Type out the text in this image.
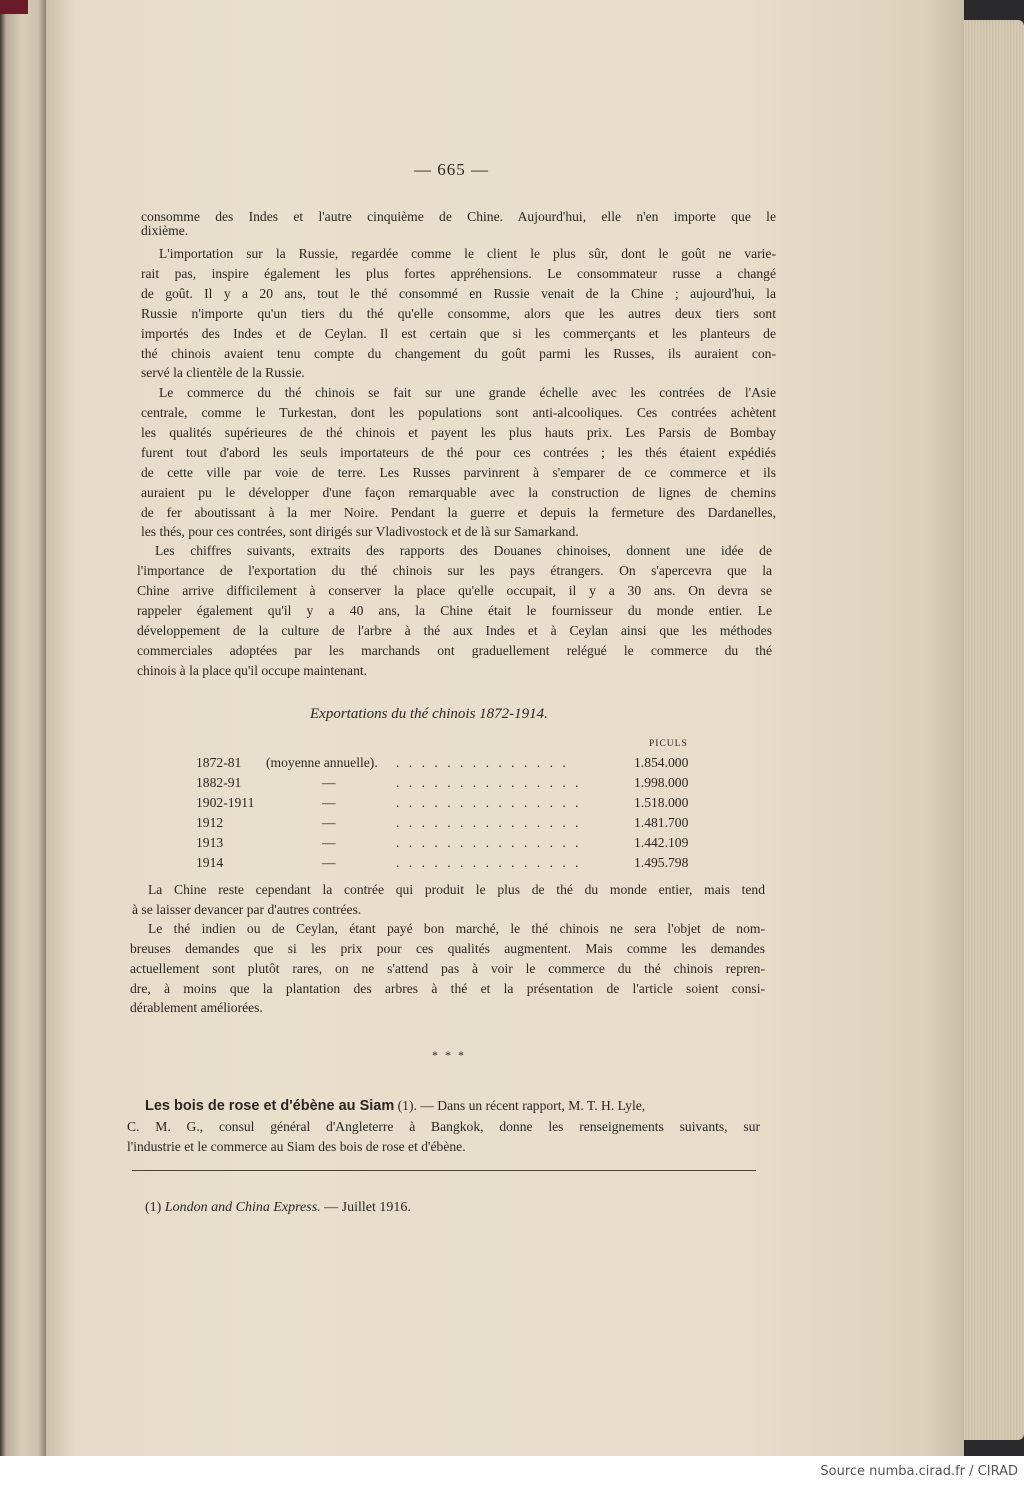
— 665 —
consomme des Indes et l'autre cinquième de Chine. Aujourd'hui, elle n'en importe que le
dixième.
L'importation sur la Russie, regardée comme le client le plus sûr, dont le goût ne varie-
rait pas, inspire également les plus fortes appréhensions. Le consommateur russe a changé
de goût. Il y a 20 ans, tout le thé consommé en Russie venait de la Chine ; aujourd'hui, la
Russie n'importe qu'un tiers du thé qu'elle consomme, alors que les autres deux tiers sont
importés des Indes et de Ceylan. Il est certain que si les commerçants et les planteurs de
thé chinois avaient tenu compte du changement du goût parmi les Russes, ils auraient con-
servé la clientèle de la Russie.
Le commerce du thé chinois se fait sur une grande échelle avec les contrées de l'Asie
centrale, comme le Turkestan, dont les populations sont anti-alcooliques. Ces contrées achètent
les qualités supérieures de thé chinois et payent les plus hauts prix. Les Parsis de Bombay
furent tout d'abord les seuls importateurs de thé pour ces contrées ; les thés étaient expédiés
de cette ville par voie de terre. Les Russes parvinrent à s'emparer de ce commerce et ils
auraient pu le développer d'une façon remarquable avec la construction de lignes de chemins
de fer aboutissant à la mer Noire. Pendant la guerre et depuis la fermeture des Dardanelles,
les thés, pour ces contrées, sont dirigés sur Vladivostock et de là sur Samarkand.
Les chiffres suivants, extraits des rapports des Douanes chinoises, donnent une idée de
l'importance de l'exportation du thé chinois sur les pays étrangers. On s'apercevra que la
Chine arrive difficilement à conserver la place qu'elle occupait, il y a 30 ans. On devra se
rappeler également qu'il y a 40 ans, la Chine était le fournisseur du monde entier. Le
développement de la culture de l'arbre à thé aux Indes et à Ceylan ainsi que les méthodes
commerciales adoptées par les marchands ont graduellement relégué le commerce du thé
chinois à la place qu'il occupe maintenant.
Exportations du thé chinois 1872-1914.
PICULS
1872-81 (moyenne annuelle). . . . . . . . . . . . . . .	1.854.000
1882-91	—	. . . . . . . . . . . . . . .	1.998.000
1902-1911	—	. . . . . . . . . . . . . . .	1.518.000
1912	—	. . . . . . . . . . . . . . .	1.481.700
1913	—	. . . . . . . . . . . . . . .	1.442.109
1914	—	. . . . . . . . . . . . . . .	1.495.798
La Chine reste cependant la contrée qui produit le plus de thé du monde entier, mais tend
à se laisser devancer par d'autres contrées.
Le thé indien ou de Ceylan, étant payé bon marché, le thé chinois ne sera l'objet de nom-
breuses demandes que si les prix pour ces qualités augmentent. Mais comme les demandes
actuellement sont plutôt rares, on ne s'attend pas à voir le commerce du thé chinois repren-
dre, à moins que la plantation des arbres à thé et la présentation de l'article soient consi-
dérablement améliorées.
* * *
Les bois de rose et d'ébène au Siam (1). — Dans un récent rapport, M. T. H. Lyle,
C. M. G., consul général d'Angleterre à Bangkok, donne les renseignements suivants, sur
l'industrie et le commerce au Siam des bois de rose et d'ébène.
(1) London and China Express. — Juillet 1916.
Source numba.cirad.fr / CIRAD
